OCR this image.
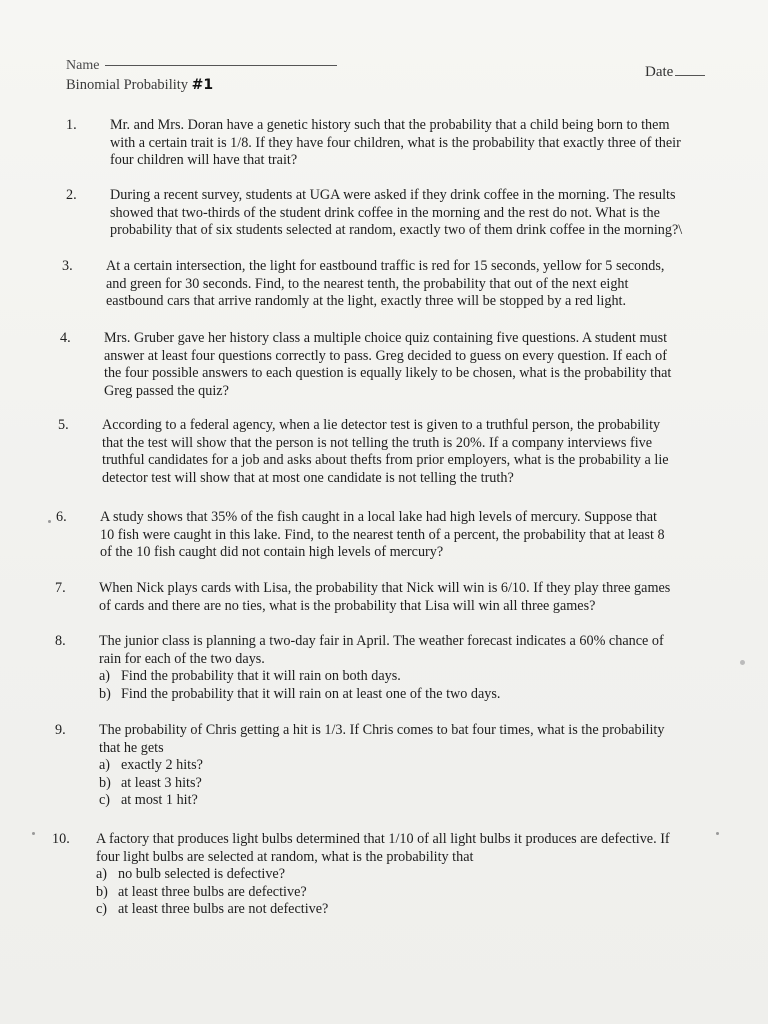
Name	Date
Binomial Probability #1
1.	Mr. and Mrs. Doran have a genetic history such that the probability that a child being born to them
with a certain trait is 1/8. If they have four children, what is the probability that exactly three of their
four children will have that trait?
2.	During a recent survey, students at UGA were asked if they drink coffee in the morning. The results
showed that two-thirds of the student drink coffee in the morning and the rest do not. What is the
probability that of six students selected at random, exactly two of them drink coffee in the morning?\
3.	At a certain intersection, the light for eastbound traffic is red for 15 seconds, yellow for 5 seconds,
and green for 30 seconds. Find, to the nearest tenth, the probability that out of the next eight
eastbound cars that arrive randomly at the light, exactly three will be stopped by a red light.
4.	Mrs. Gruber gave her history class a multiple choice quiz containing five questions. A student must
answer at least four questions correctly to pass. Greg decided to guess on every question. If each of
the four possible answers to each question is equally likely to be chosen, what is the probability that
Greg passed the quiz?
5.	According to a federal agency, when a lie detector test is given to a truthful person, the probability
that the test will show that the person is not telling the truth is 20%. If a company interviews five
truthful candidates for a job and asks about thefts from prior employers, what is the probability a lie
detector test will show that at most one candidate is not telling the truth?
6.	A study shows that 35% of the fish caught in a local lake had high levels of mercury. Suppose that
10 fish were caught in this lake. Find, to the nearest tenth of a percent, the probability that at least 8
of the 10 fish caught did not contain high levels of mercury?
7.	When Nick plays cards with Lisa, the probability that Nick will win is 6/10. If they play three games
of cards and there are no ties, what is the probability that Lisa will win all three games?
8.	The junior class is planning a two-day fair in April. The weather forecast indicates a 60% chance of
rain for each of the two days.
a) Find the probability that it will rain on both days.
b) Find the probability that it will rain on at least one of the two days.
9.	The probability of Chris getting a hit is 1/3. If Chris comes to bat four times, what is the probability
that he gets
a) exactly 2 hits?
b) at least 3 hits?
c) at most 1 hit?
10.	A factory that produces light bulbs determined that 1/10 of all light bulbs it produces are defective. If
four light bulbs are selected at random, what is the probability that
a) no bulb selected is defective?
b) at least three bulbs are defective?
c) at least three bulbs are not defective?
